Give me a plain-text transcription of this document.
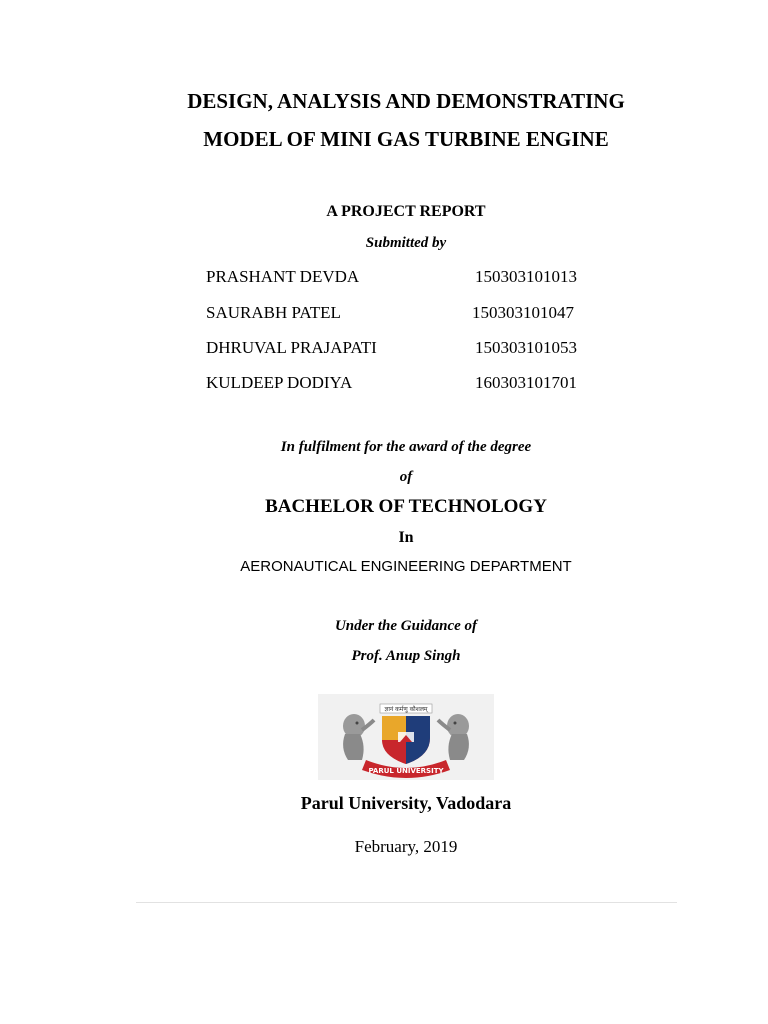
DESIGN, ANALYSIS AND DEMONSTRATING
MODEL OF MINI GAS TURBINE ENGINE
A PROJECT REPORT
Submitted by
PRASHANT DEVDA	150303101013
SAURABH PATEL	150303101047
DHRUVAL PRAJAPATI	150303101053
KULDEEP DODIYA	160303101701
In fulfilment for the award of the degree
of
BACHELOR OF TECHNOLOGY
In
AERONAUTICAL ENGINEERING DEPARTMENT
Under the Guidance of
Prof. Anup Singh
ज्ञानं कर्मणु कौशलम्
PARUL UNIVERSITY
Parul University, Vadodara
February, 2019
